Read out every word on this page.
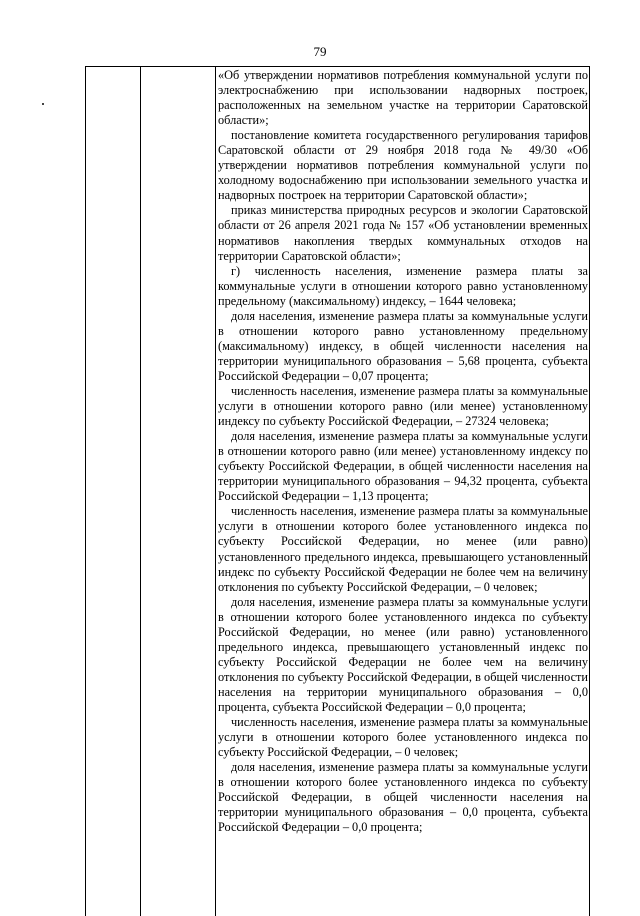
79

«Об утверждении нормативов потребления коммунальной услуги по электроснабжению при использовании надворных построек, расположенных на земельном участке на территории Саратовской области»;

постановление комитета государственного регулирования тарифов Саратовской области от 29 ноября 2018 года № 49/30 «Об утверждении нормативов потребления коммунальной услуги по холодному водоснабжению при использовании земельного участка и надворных построек на территории Саратовской области»;

приказ министерства природных ресурсов и экологии Саратовской области от 26 апреля 2021 года № 157 «Об установлении временных нормативов накопления твердых коммунальных отходов на территории Саратовской области»;

г) численность населения, изменение размера платы за коммунальные услуги в отношении которого равно установленному предельному (максимальному) индексу, – 1644 человека;

доля населения, изменение размера платы за коммунальные услуги в отношении которого равно установленному предельному (максимальному) индексу, в общей численности населения на территории муниципального образования – 5,68 процента, субъекта Российской Федерации – 0,07 процента;

численность населения, изменение размера платы за коммунальные услуги в отношении которого равно (или менее) установленному индексу по субъекту Российской Федерации, – 27324 человека;

доля населения, изменение размера платы за коммунальные услуги в отношении которого равно (или менее) установленному индексу по субъекту Российской Федерации, в общей численности населения на территории муниципального образования – 94,32 процента, субъекта Российской Федерации – 1,13 процента;

численность населения, изменение размера платы за коммунальные услуги в отношении которого более установленного индекса по субъекту Российской Федерации, но менее (или равно) установленного предельного индекса, превышающего установленный индекс по субъекту Российской Федерации не более чем на величину отклонения по субъекту Российской Федерации, – 0 человек;

доля населения, изменение размера платы за коммунальные услуги в отношении которого более установленного индекса по субъекту Российской Федерации, но менее (или равно) установленного предельного индекса, превышающего установленный индекс по субъекту Российской Федерации не более чем на величину отклонения по субъекту Российской Федерации, в общей численности населения на территории муниципального образования – 0,0 процента, субъекта Российской Федерации – 0,0 процента;

численность населения, изменение размера платы за коммунальные услуги в отношении которого более установленного индекса по субъекту Российской Федерации, – 0 человек;

доля населения, изменение размера платы за коммунальные услуги в отношении которого более установленного индекса по субъекту Российской Федерации, в общей численности населения на территории муниципального образования – 0,0 процента, субъекта Российской Федерации – 0,0 процента;
